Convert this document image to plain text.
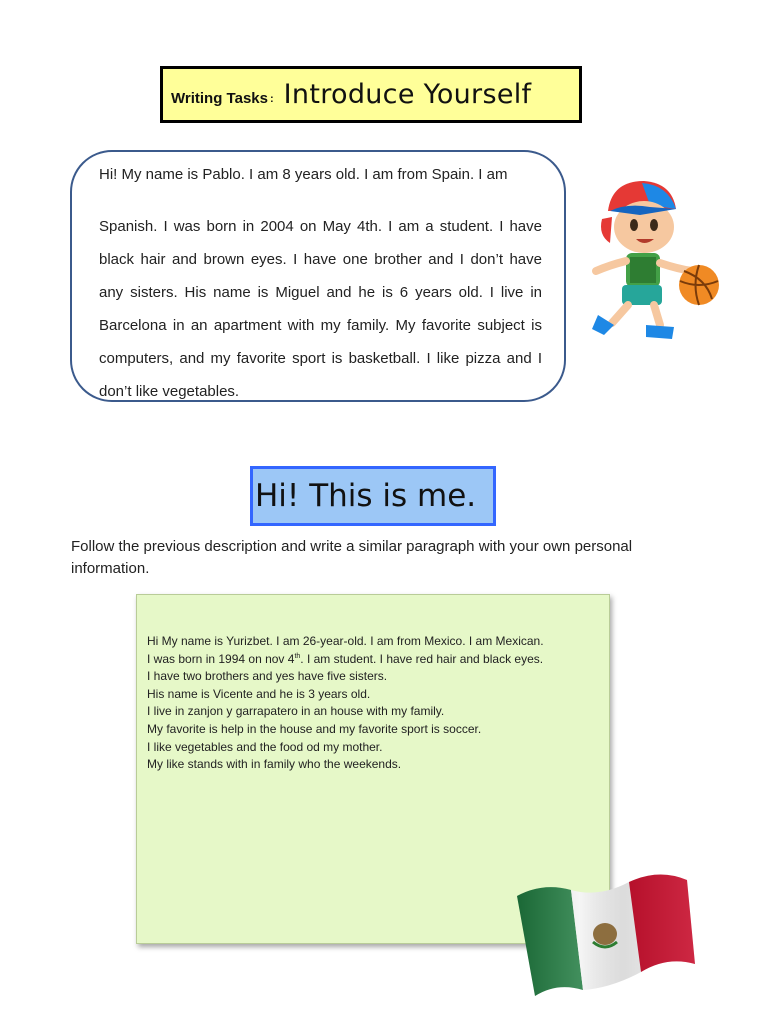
Writing Tasks : Introduce Yourself
Hi! My name is Pablo. I am 8 years old. I am from Spain. I am
Spanish. I was born in 2004 on May 4th. I am a student. I have black hair and brown eyes. I have one brother and I don’t have any sisters. His name is Miguel and he is 6 years old. I live in Barcelona in an apartment with my family. My favorite subject is computers, and my favorite sport is basketball. I like pizza and I don’t like vegetables.
Hi! This is me.
Follow the previous description and write a similar paragraph with your own personal information.
Hi My name is Yurizbet. I am 26-year-old. I am from Mexico. I am Mexican.
I was born in 1994 on nov 4th. I am student. I have red hair and black eyes.
I have two brothers and yes have five sisters.
His name is Vicente and he is 3 years old.
I live in zanjon y garrapatero in an house with my family.
My favorite is help in the house and my favorite sport is soccer.
I like vegetables and the food od my mother.
My like stands with in family who the weekends.
